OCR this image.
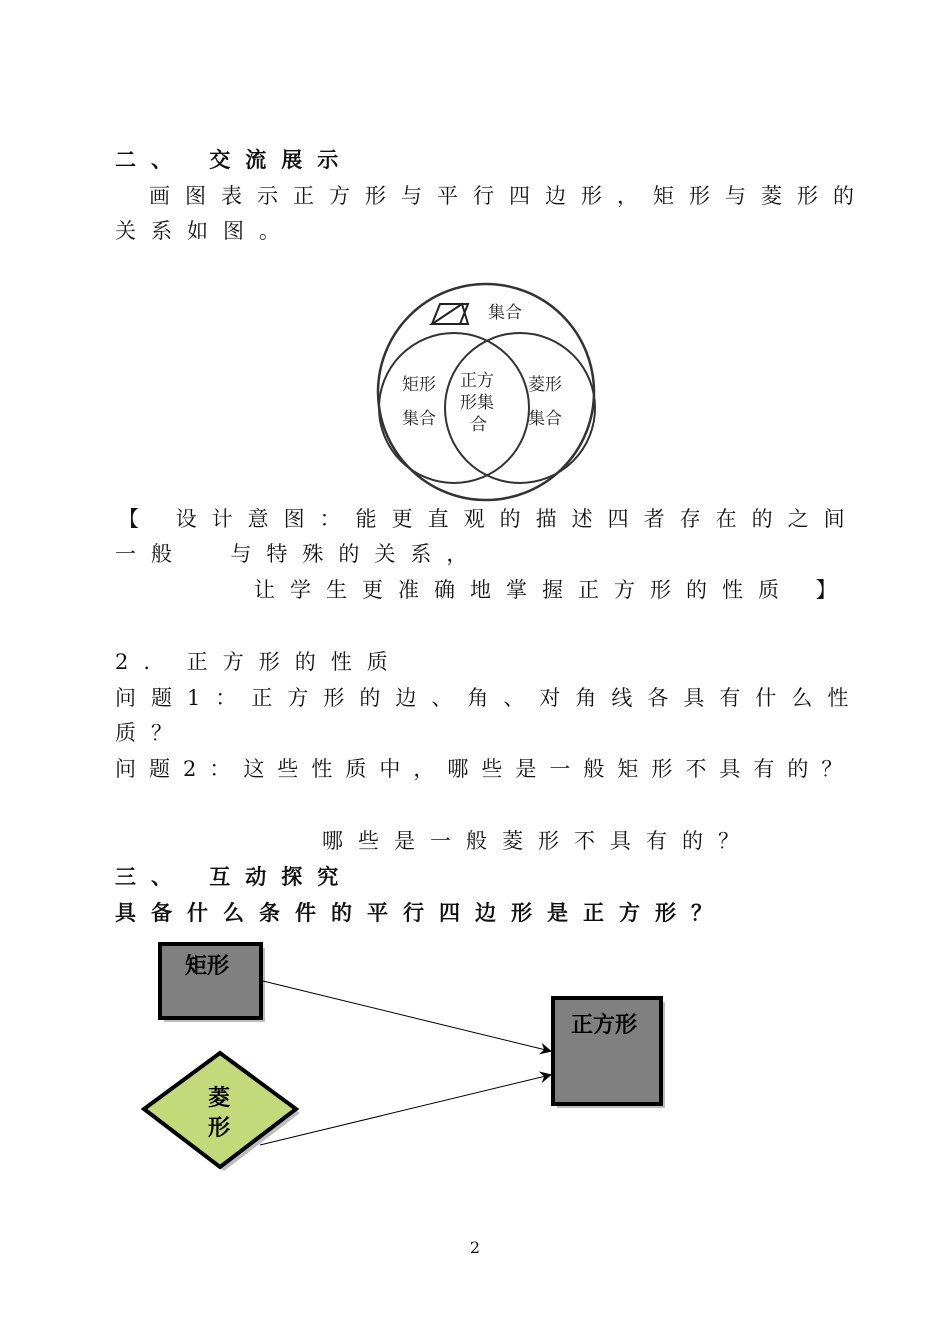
二、 交流展示
画图表示正方形与平行四边形，矩形与菱形的
关系如图。
集合
矩形
集合
正方
形集
合
菱形
集合
【 设计意图：能更直观的描述四者存在的之间
一般  与特殊的关系，
让学生更准确地掌握正方形的性质 】
2. 正方形的性质
问题1：正方形的边、角、对角线各具有什么性
质？
问题2：这些性质中，哪些是一般矩形不具有的？
哪些是一般菱形不具有的？
三、 互动探究
具备什么条件的平行四边形是正方形？
矩形
菱
形
正方形
2
